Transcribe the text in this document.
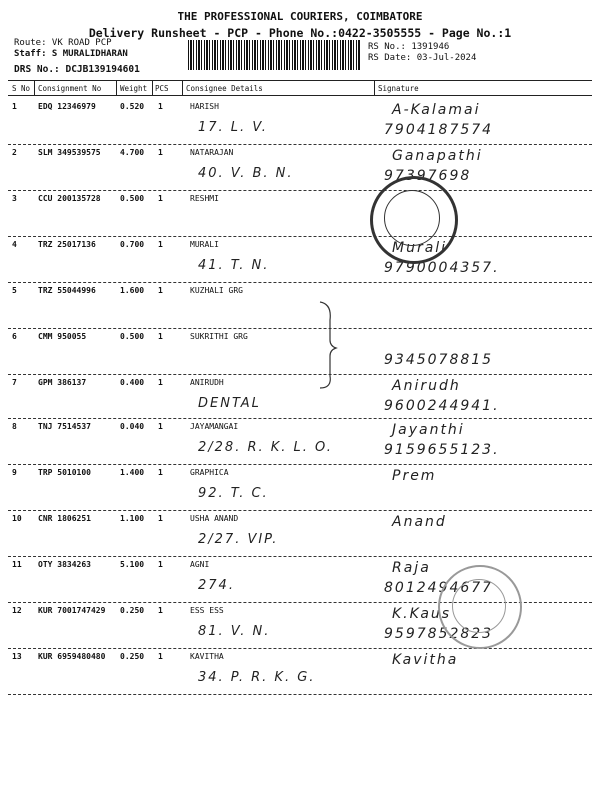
THE PROFESSIONAL COURIERS, COIMBATORE
Delivery Runsheet - PCP - Phone No.:0422-3505555 - Page No.:1
Route: VK ROAD PCP
Staff: S MURALIDHARAN
DRS No.: DCJB139194601
RS No.: 1391946
RS Date: 03-Jul-2024
S No Consignment No	Weight PCS Consignee Details	Signature
1	EDQ 12346979	0.520 1	HARISH
17. L. V.
A-Kalamai
7904187574
2	SLM 349539575 4.700 1	NATARAJAN
40. V. B. N.
Ganapathi
97397698
3	CCU 200135728 0.500 1	RESHMI
4	TRZ 25017136	0.700 1	MURALI
41. T. N.
Murali
9790004357.
5	TRZ 55044996	1.600 1	KUZHALI GRG
6	CMM 950055	0.500 1	SUKRITHI GRG
9345078815
7	GPM 386137	0.400 1	ANIRUDH
DENTAL
Anirudh
9600244941.
8	TNJ 7514537	0.040 1	JAYAMANGAI
2/28. R. K. L. O.
Jayanthi
9159655123.
9	TRP 5010100	1.400 1	GRAPHICA
92. T. C.
Prem
10 CNR 1806251	1.100 1	USHA ANAND
2/27. VIP.
Anand
11 OTY 3834263	5.100 1	AGNI
274.
Raja
8012494677
12 KUR 7001747429 0.250 1	ESS ESS
81. V. N.
K.Kaus
9597852823
13 KUR 6959480480 0.250 1	KAVITHA
34. P. R. K. G.
Kavitha
